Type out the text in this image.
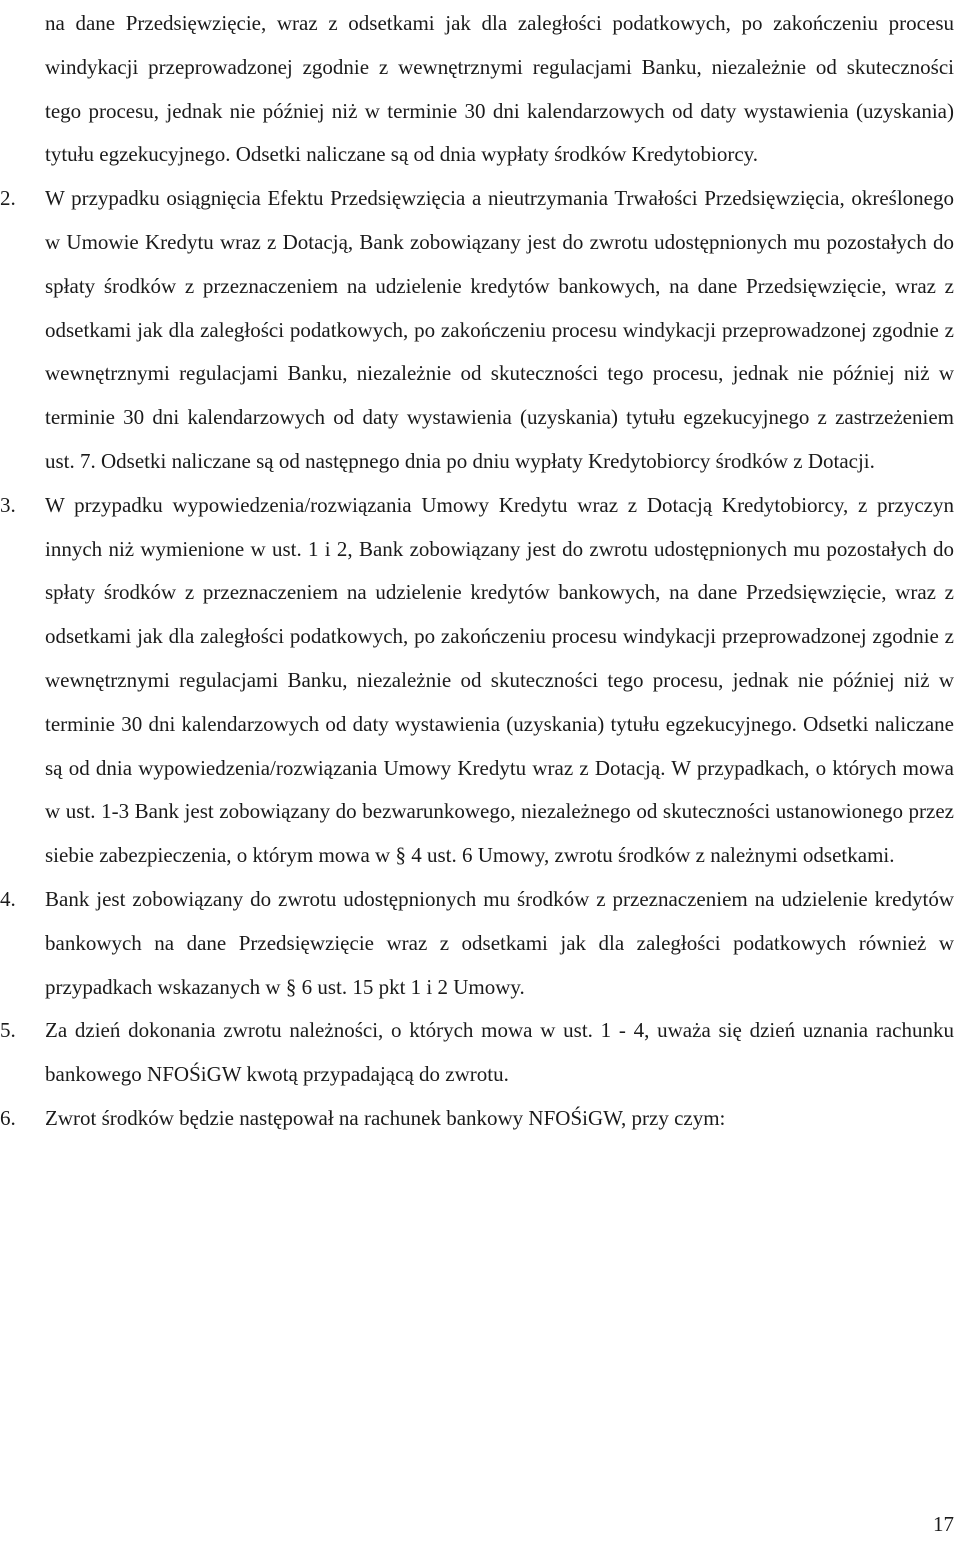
na dane Przedsięwzięcie, wraz z odsetkami jak dla zaległości podatkowych, po zakończeniu procesu windykacji przeprowadzonej zgodnie z wewnętrznymi regulacjami Banku, niezależnie od skuteczności tego procesu, jednak nie później niż w terminie 30 dni kalendarzowych od daty wystawienia (uzyskania) tytułu egzekucyjnego. Odsetki naliczane są od dnia wypłaty środków Kredytobiorcy.

2. W przypadku osiągnięcia Efektu Przedsięwzięcia a nieutrzymania Trwałości Przedsięwzięcia, określonego w Umowie Kredytu wraz z Dotacją, Bank zobowiązany jest do zwrotu udostępnionych mu pozostałych do spłaty środków z przeznaczeniem na udzielenie kredytów bankowych, na dane Przedsięwzięcie, wraz z odsetkami jak dla zaległości podatkowych, po zakończeniu procesu windykacji przeprowadzonej zgodnie z wewnętrznymi regulacjami Banku, niezależnie od skuteczności tego procesu, jednak nie później niż w terminie 30 dni kalendarzowych od daty wystawienia (uzyskania) tytułu egzekucyjnego z zastrzeżeniem ust. 7. Odsetki naliczane są od następnego dnia po dniu wypłaty Kredytobiorcy środków z Dotacji.

3. W przypadku wypowiedzenia/rozwiązania Umowy Kredytu wraz z Dotacją Kredytobiorcy, z przyczyn innych niż wymienione w ust. 1 i 2, Bank zobowiązany jest do zwrotu udostępnionych mu pozostałych do spłaty środków z przeznaczeniem na udzielenie kredytów bankowych, na dane Przedsięwzięcie, wraz z odsetkami jak dla zaległości podatkowych, po zakończeniu procesu windykacji przeprowadzonej zgodnie z wewnętrznymi regulacjami Banku, niezależnie od skuteczności tego procesu, jednak nie później niż w terminie 30 dni kalendarzowych od daty wystawienia (uzyskania) tytułu egzekucyjnego. Odsetki naliczane są od dnia wypowiedzenia/rozwiązania Umowy Kredytu wraz z Dotacją. W przypadkach, o których mowa w ust. 1-3 Bank jest zobowiązany do bezwarunkowego, niezależnego od skuteczności ustanowionego przez siebie zabezpieczenia, o którym mowa w § 4 ust. 6 Umowy, zwrotu środków z należnymi odsetkami.

4. Bank jest zobowiązany do zwrotu udostępnionych mu środków z przeznaczeniem na udzielenie kredytów bankowych na dane Przedsięwzięcie wraz z odsetkami jak dla zaległości podatkowych również w przypadkach wskazanych w § 6 ust. 15 pkt 1 i 2 Umowy.

5. Za dzień dokonania zwrotu należności, o których mowa w ust. 1 - 4, uważa się dzień uznania rachunku bankowego NFOŚiGW kwotą przypadającą do zwrotu.

6. Zwrot środków będzie następował na rachunek bankowy NFOŚiGW, przy czym:

17
